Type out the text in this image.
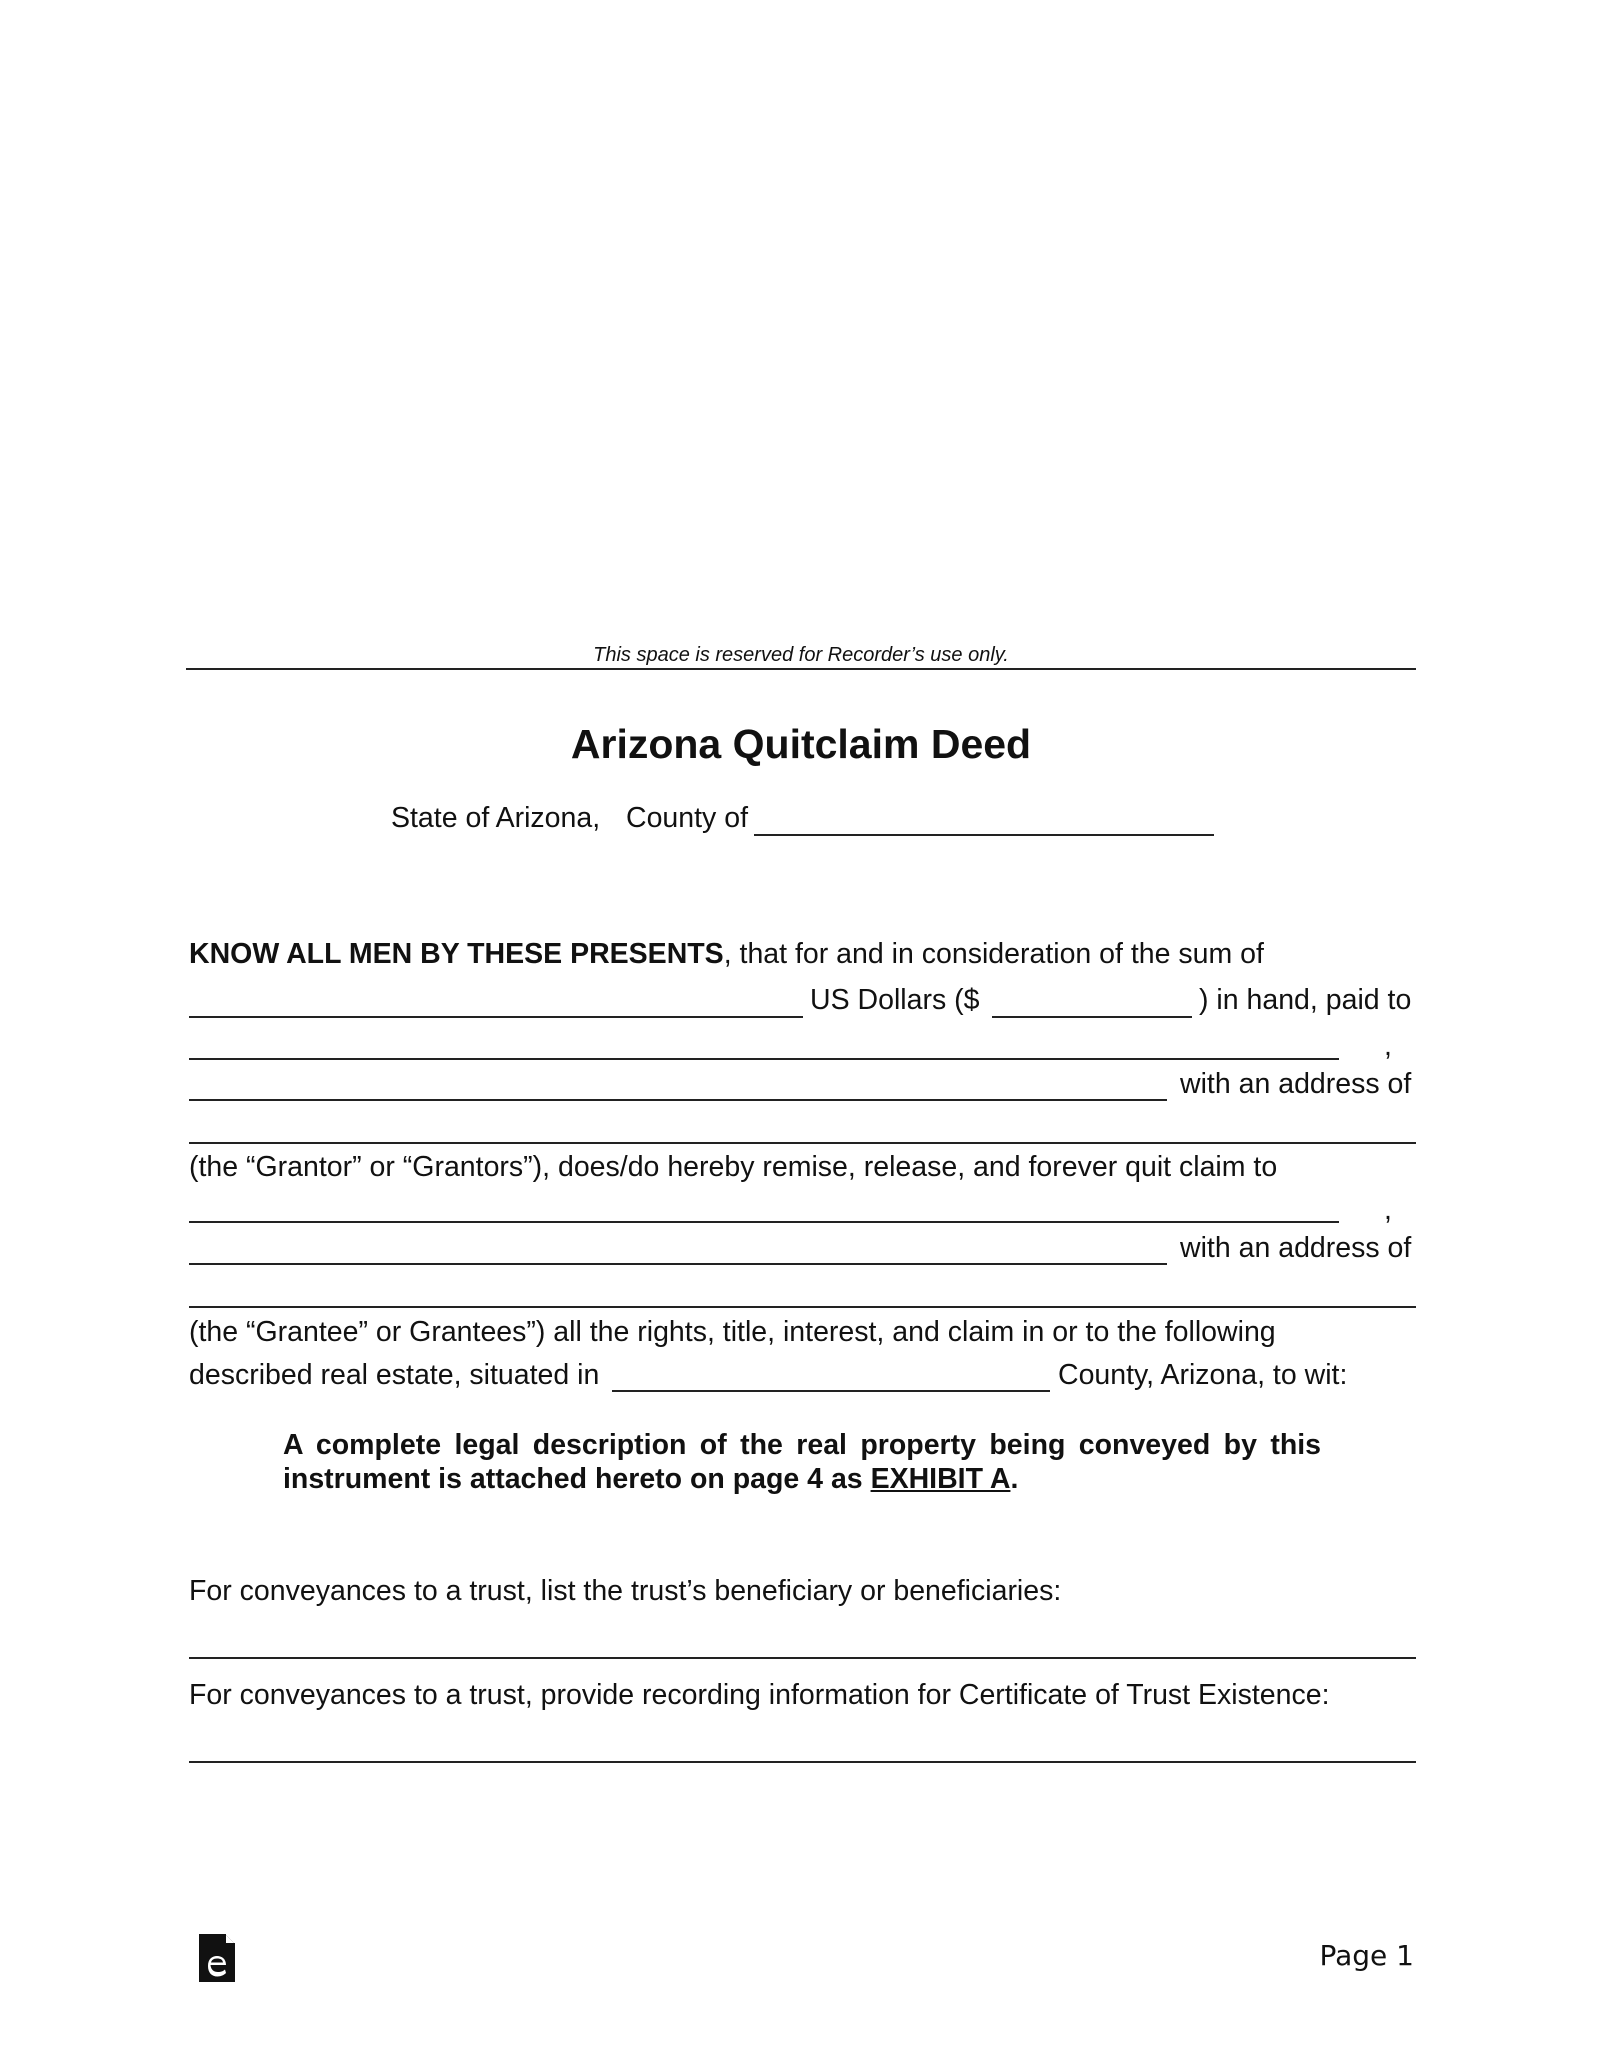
This space is reserved for Recorder’s use only.
Arizona Quitclaim Deed
State of Arizona, County of
KNOW ALL MEN BY THESE PRESENTS, that for and in consideration of the sum of
US Dollars ($	) in hand, paid to
,
with an address of
(the “Grantor” or “Grantors”), does/do hereby remise, release, and forever quit claim to
,
with an address of
(the “Grantee” or Grantees”) all the rights, title, interest, and claim in or to the following
described real estate, situated in	County, Arizona, to wit:
A complete legal description of the real property being conveyed by this instrument is attached hereto on page 4 as EXHIBIT A.
For conveyances to a trust, list the trust’s beneficiary or beneficiaries:
For conveyances to a trust, provide recording information for Certificate of Trust Existence:
Page 1
